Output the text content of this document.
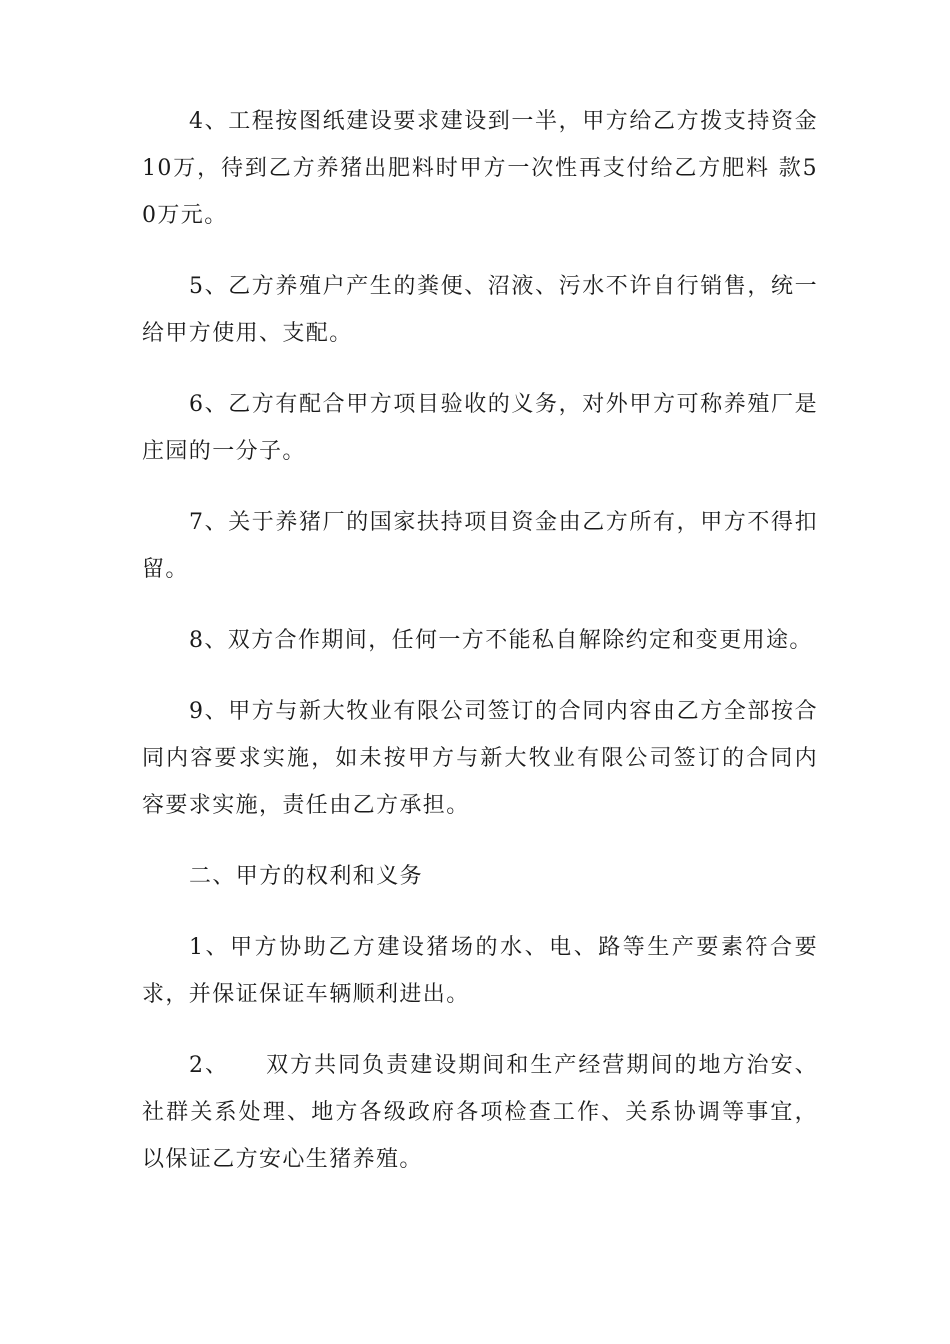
4、工程按图纸建设要求建设到一半，甲方给乙方拨支持资金10万，待到乙方养猪出肥料时甲方一次性再支付给乙方肥料 款50万元。

5、乙方养殖户产生的粪便、沼液、污水不许自行销售，统一给甲方使用、支配。

6、乙方有配合甲方项目验收的义务，对外甲方可称养殖厂是庄园的一分子。

7、关于养猪厂的国家扶持项目资金由乙方所有，甲方不得扣留。

8、双方合作期间，任何一方不能私自解除约定和变更用途。

9、甲方与新大牧业有限公司签订的合同内容由乙方全部按合同内容要求实施，如未按甲方与新大牧业有限公司签订的合同内容要求实施，责任由乙方承担。

二、甲方的权利和义务

1、甲方协助乙方建设猪场的水、电、路等生产要素符合要求，并保证保证车辆顺利进出。

2、　　双方共同负责建设期间和生产经营期间的地方治安、社群关系处理、地方各级政府各项检查工作、关系协调等事宜，以保证乙方安心生猪养殖。
